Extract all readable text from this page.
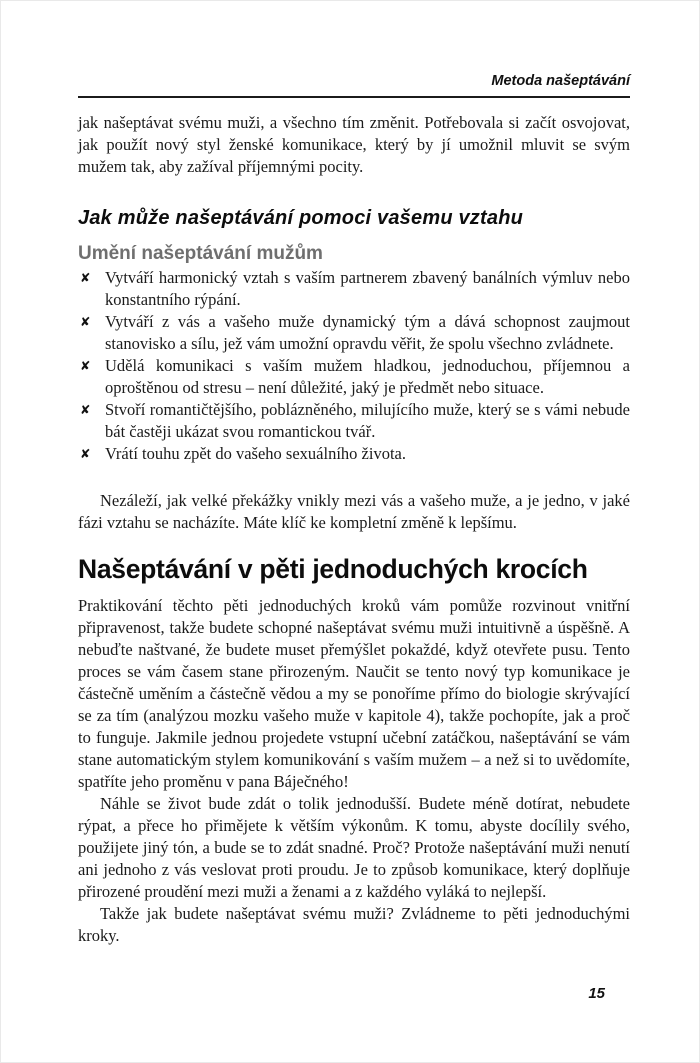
Metoda našeptávání

jak našeptávat svému muži, a všechno tím změnit. Potřebovala si začít osvojovat, jak použít nový styl ženské komunikace, který by jí umožnil mluvit se svým mužem tak, aby zažíval příjemnými pocity.

Jak může našeptávání pomoci vašemu vztahu
Umění našeptávání mužům
✘ Vytváří harmonický vztah s vaším partnerem zbavený banálních výmluv nebo konstantního rýpání.
✘ Vytváří z vás a vašeho muže dynamický tým a dává schopnost zaujmout stanovisko a sílu, jež vám umožní opravdu věřit, že spolu všechno zvládnete.
✘ Udělá komunikaci s vaším mužem hladkou, jednoduchou, příjemnou a oproštěnou od stresu – není důležité, jaký je předmět nebo situace.
✘ Stvoří romantičtějšího, poblázněného, milujícího muže, který se s vámi nebude bát častěji ukázat svou romantickou tvář.
✘ Vrátí touhu zpět do vašeho sexuálního života.

Nezáleží, jak velké překážky vnikly mezi vás a vašeho muže, a je jedno, v jaké fázi vztahu se nacházíte. Máte klíč ke kompletní změně k lepšímu.

Našeptávání v pěti jednoduchých krocích

Praktikování těchto pěti jednoduchých kroků vám pomůže rozvinout vnitřní připravenost, takže budete schopné našeptávat svému muži intuitivně a úspěšně. A nebuďte naštvané, že budete muset přemýšlet pokaždé, když otevřete pusu. Tento proces se vám časem stane přirozeným. Naučit se tento nový typ komunikace je částečně uměním a částečně vědou a my se ponoříme přímo do biologie skrývající se za tím (analýzou mozku vašeho muže v kapitole 4), takže pochopíte, jak a proč to funguje. Jakmile jednou projedete vstupní učební zatáčkou, našeptávání se vám stane automatickým stylem komunikování s vaším mužem – a než si to uvědomíte, spatříte jeho proměnu v pana Báječného!

Náhle se život bude zdát o tolik jednodušší. Budete méně dotírat, nebudete rýpat, a přece ho přimějete k větším výkonům. K tomu, abyste docílily svého, použijete jiný tón, a bude se to zdát snadné. Proč? Protože našeptávání muži nenutí ani jednoho z vás veslovat proti proudu. Je to způsob komunikace, který doplňuje přirozené proudění mezi muži a ženami a z každého vyláká to nejlepší.

Takže jak budete našeptávat svému muži? Zvládneme to pěti jednoduchými kroky.

15
